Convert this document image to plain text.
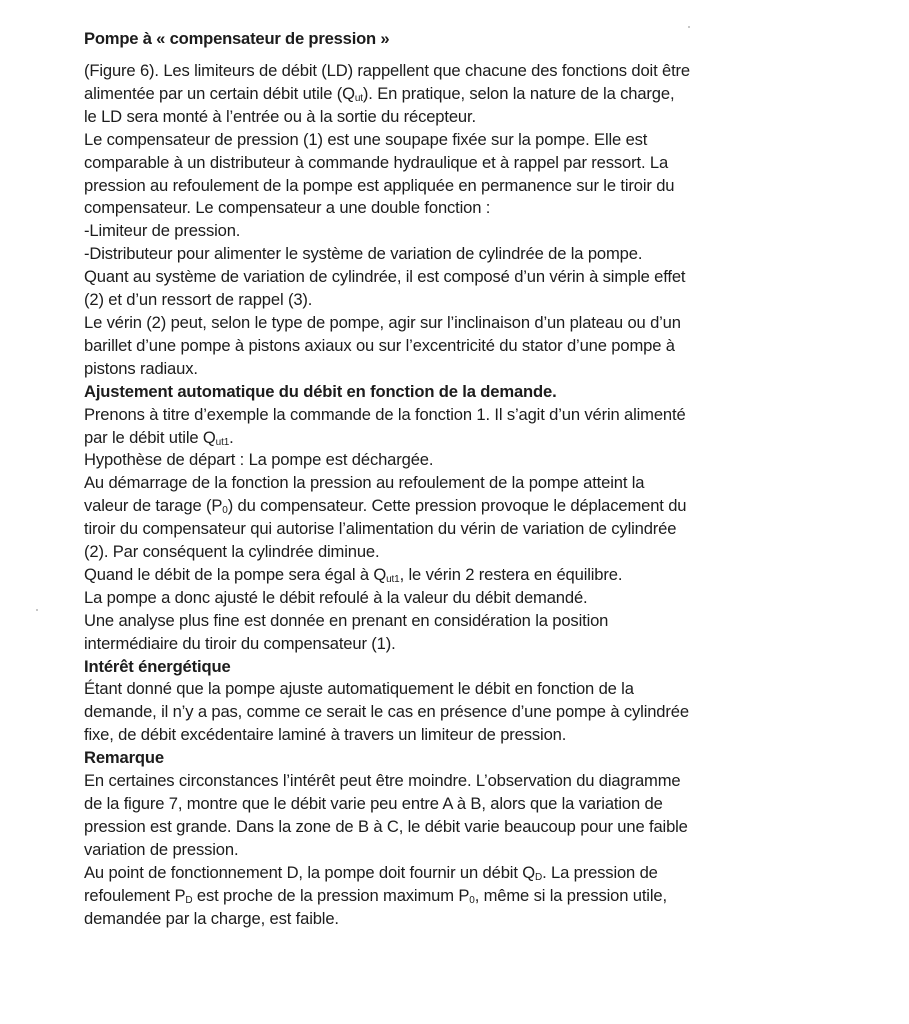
Pompe à « compensateur de pression »
(Figure 6). Les limiteurs de débit (LD) rappellent que chacune des fonctions doit être
alimentée par un certain débit utile $(Q_{ut})$. En pratique, selon la nature de la charge,
le LD sera monté à l’entrée ou à la sortie du récepteur.
Le compensateur de pression (1) est une soupape fixée sur la pompe. Elle est
comparable à un distributeur à commande hydraulique et à rappel par ressort. La
pression au refoulement de la pompe est appliquée en permanence sur le tiroir du
compensateur. Le compensateur a une double fonction :
-Limiteur de pression.
-Distributeur pour alimenter le système de variation de cylindrée de la pompe.
Quant au système de variation de cylindrée, il est composé d’un vérin à simple effet
(2) et d’un ressort de rappel (3).
Le vérin (2) peut, selon le type de pompe, agir sur l’inclinaison d’un plateau ou d’un
barillet d’une pompe à pistons axiaux ou sur l’excentricité du stator d’une pompe à
pistons radiaux.
Ajustement automatique du débit en fonction de la demande.
Prenons à titre d’exemple la commande de la fonction 1. Il s’agit d’un vérin alimenté
par le débit utile $Q_{ut1}$.
Hypothèse de départ : La pompe est déchargée.
Au démarrage de la fonction la pression au refoulement de la pompe atteint la
valeur de tarage $(P_0)$ du compensateur. Cette pression provoque le déplacement du
tiroir du compensateur qui autorise l’alimentation du vérin de variation de cylindrée
(2). Par conséquent la cylindrée diminue.
Quand le débit de la pompe sera égal à $Q_{ut1}$, le vérin 2 restera en équilibre.
La pompe a donc ajusté le débit refoulé à la valeur du débit demandé.
Une analyse plus fine est donnée en prenant en considération la position
intermédiaire du tiroir du compensateur (1).
Intérêt énergétique
Étant donné que la pompe ajuste automatiquement le débit en fonction de la
demande, il n’y a pas, comme ce serait le cas en présence d’une pompe à cylindrée
fixe, de débit excédentaire laminé à travers un limiteur de pression.
Remarque
En certaines circonstances l’intérêt peut être moindre. L’observation du diagramme
de la figure 7, montre que le débit varie peu entre A à B, alors que la variation de
pression est grande. Dans la zone de B à C, le débit varie beaucoup pour une faible
variation de pression.
Au point de fonctionnement D, la pompe doit fournir un débit $Q_D$. La pression de
refoulement $P_D$ est proche de la pression maximum $P_0$, même si la pression utile,
demandée par la charge, est faible.
